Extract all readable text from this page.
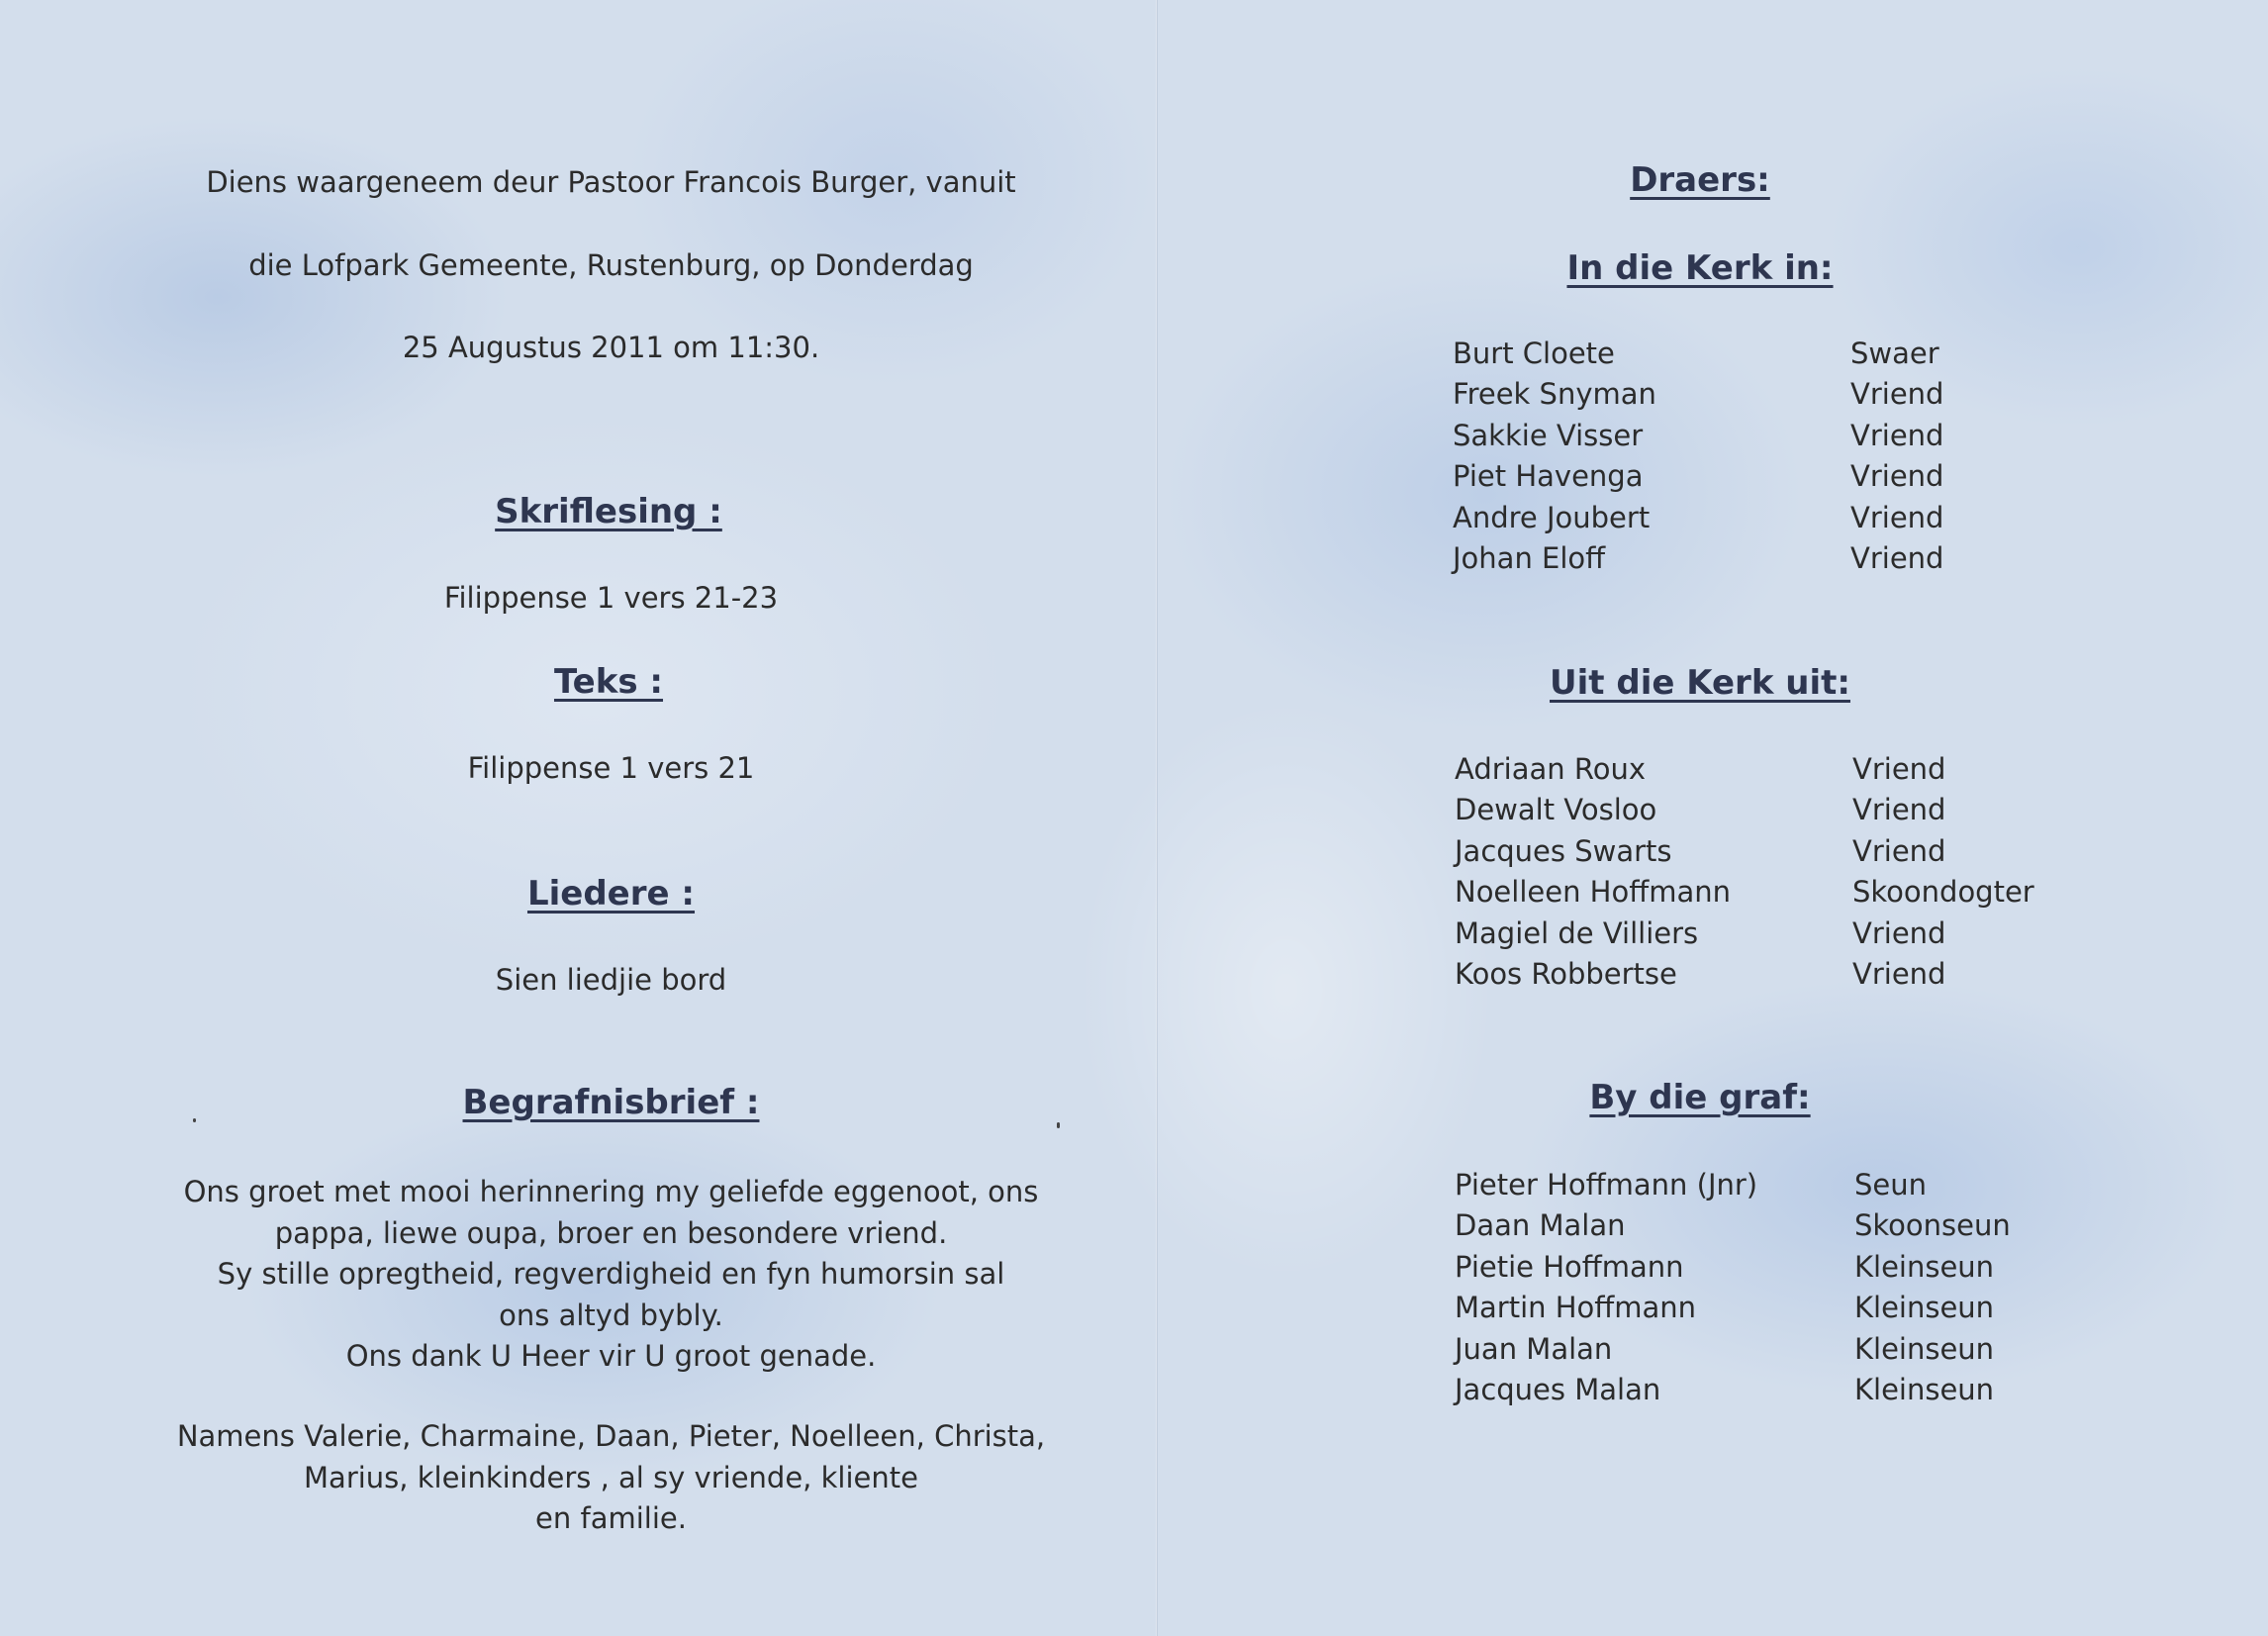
Diens waargeneem deur Pastoor Francois Burger, vanuit
die Lofpark Gemeente, Rustenburg, op Donderdag
25 Augustus 2011 om 11:30.
Skriflesing :
Filippense 1 vers 21-23
Teks :
Filippense 1 vers 21
Liedere :
Sien liedjie bord
Begrafnisbrief :
Ons groet met mooi herinnering my geliefde eggenoot, ons
pappa, liewe oupa, broer en besondere vriend.
Sy stille opregtheid, regverdigheid en fyn humorsin sal
ons altyd bybly.
Ons dank U Heer vir U groot genade.
Namens Valerie, Charmaine, Daan, Pieter, Noelleen, Christa,
Marius, kleinkinders , al sy vriende, kliente
en familie.
Draers:
In die Kerk in:
Burt Cloete	Swaer
Freek Snyman	Vriend
Sakkie Visser	Vriend
Piet Havenga	Vriend
Andre Joubert	Vriend
Johan Eloff	Vriend
Uit die Kerk uit:
Adriaan Roux	Vriend
Dewalt Vosloo	Vriend
Jacques Swarts	Vriend
Noelleen Hoffmann	Skoondogter
Magiel de Villiers	Vriend
Koos Robbertse	Vriend
By die graf:
Pieter Hoffmann (Jnr)	Seun
Daan Malan	Skoonseun
Pietie Hoffmann	Kleinseun
Martin Hoffmann	Kleinseun
Juan Malan	Kleinseun
Jacques Malan	Kleinseun
